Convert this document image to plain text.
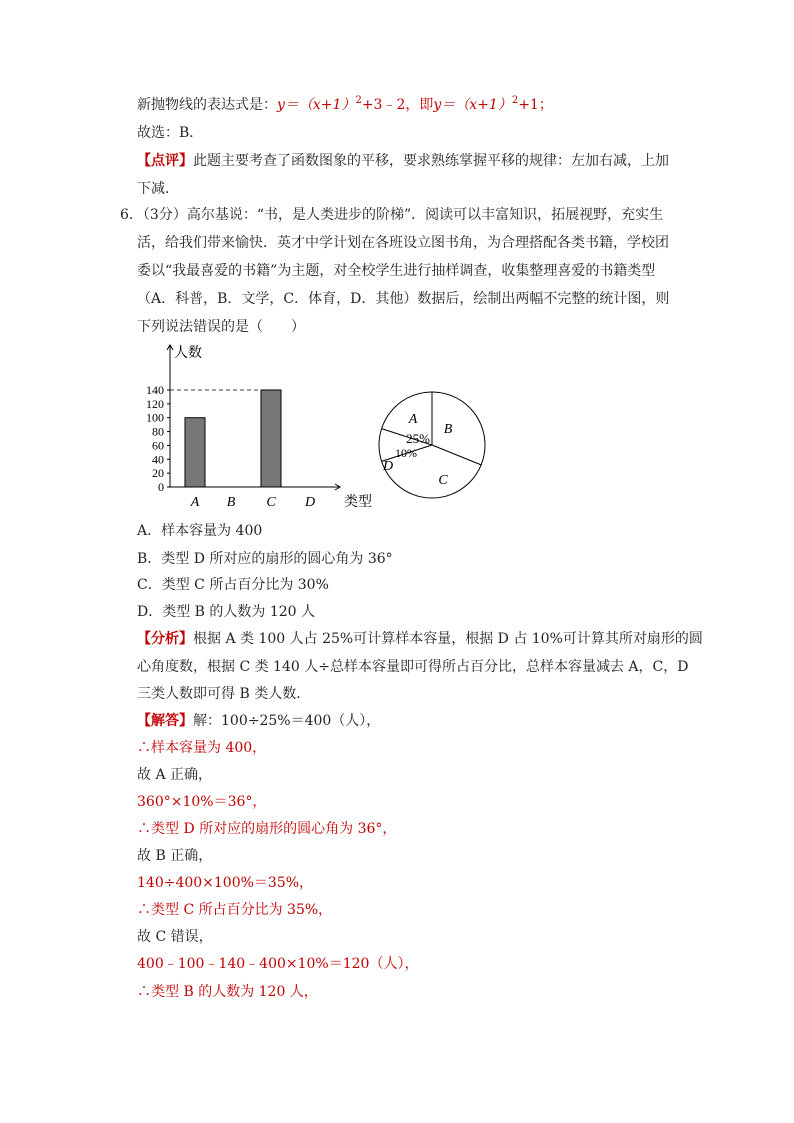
新抛物线的表达式是：$y=(x+1)^2+3﹣2$，即$y=(x+1)^2+1$；
故选：B．
【点评】此题主要考查了函数图象的平移，要求熟练掌握平移的规律：左加右减，上加
下减．
6．（3分）高尔基说：“书，是人类进步的阶梯”．阅读可以丰富知识，拓展视野，充实生
活，给我们带来愉快．英才中学计划在各班设立图书角，为合理搭配各类书籍，学校团
委以“我最喜爱的书籍”为主题，对全校学生进行抽样调查，收集整理喜爱的书籍类型
（A．科普，B．文学，C．体育，D．其他）数据后，绘制出两幅不完整的统计图，则
下列说法错误的是（　　）
人数
类型
0
20
40
60
80
100
120
140
A B C D
A
B
C
D
25%
10%
A．样本容量为 400
B．类型 D 所对应的扇形的圆心角为 36°
C．类型 C 所占百分比为 30%
D．类型 B 的人数为 120 人
【分析】根据 A 类 100 人占 25%可计算样本容量，根据 D 占 10%可计算其所对扇形的圆
心角度数，根据 C 类 140 人÷总样本容量即可得所占百分比，总样本容量减去 A，C，D
三类人数即可得 B 类人数．
【解答】解：100÷25%＝400（人），
∴样本容量为 400，
故 A 正确，
360°×10%＝36°，
∴类型 D 所对应的扇形的圆心角为 36°，
故 B 正确，
140÷400×100%＝35%，
∴类型 C 所占百分比为 35%，
故 C 错误，
400﹣100﹣140﹣400×10%＝120（人），
∴类型 B 的人数为 120 人，
